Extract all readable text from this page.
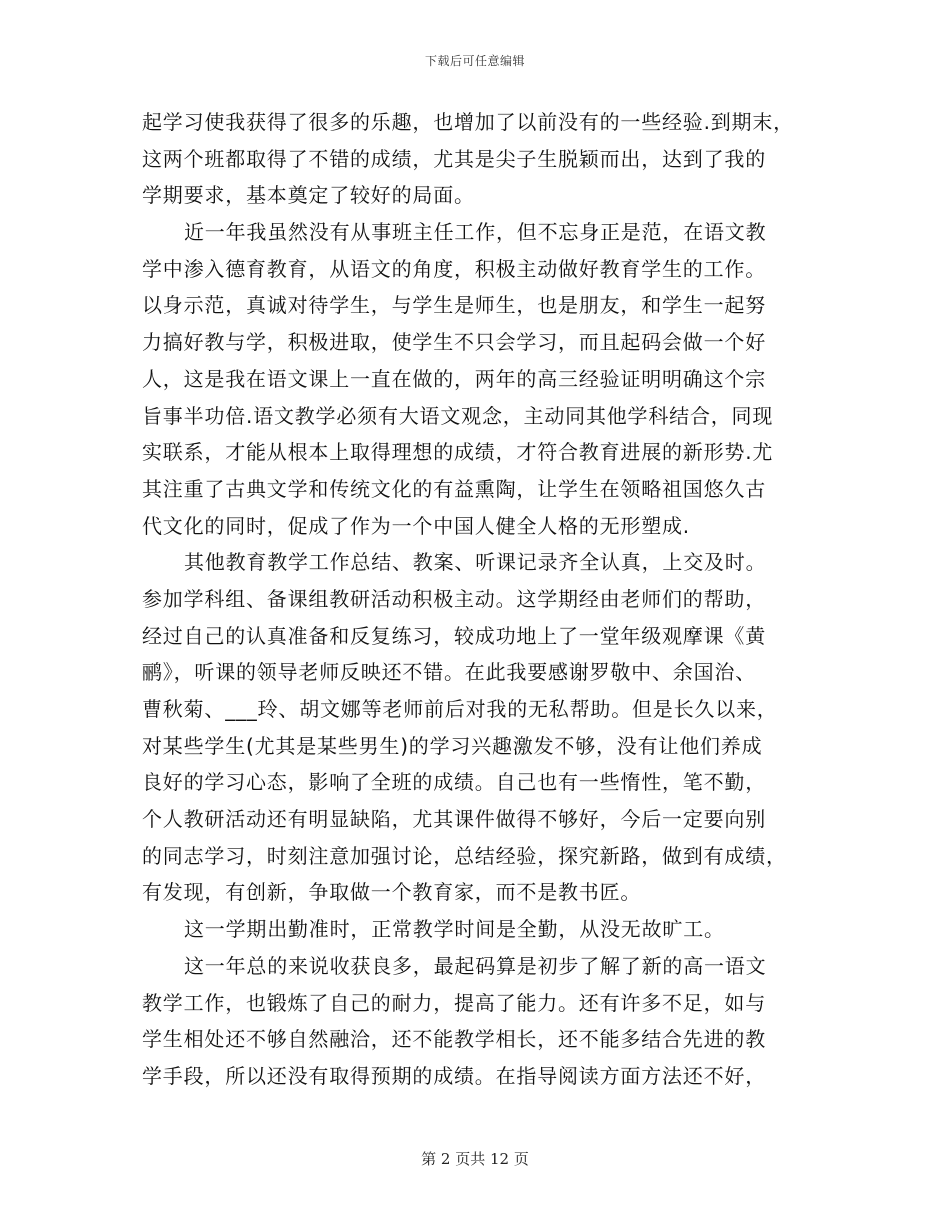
下载后可任意编辑
起学习使我获得了很多的乐趣，也增加了以前没有的一些经验.到期末，
这两个班都取得了不错的成绩，尤其是尖子生脱颖而出，达到了我的
学期要求，基本奠定了较好的局面。
近一年我虽然没有从事班主任工作，但不忘身正是范，在语文教
学中渗入德育教育，从语文的角度，积极主动做好教育学生的工作。
以身示范，真诚对待学生，与学生是师生，也是朋友，和学生一起努
力搞好教与学，积极进取，使学生不只会学习，而且起码会做一个好
人，这是我在语文课上一直在做的，两年的高三经验证明明确这个宗
旨事半功倍.语文教学必须有大语文观念，主动同其他学科结合，同现
实联系，才能从根本上取得理想的成绩，才符合教育进展的新形势.尤
其注重了古典文学和传统文化的有益熏陶，让学生在领略祖国悠久古
代文化的同时，促成了作为一个中国人健全人格的无形塑成.
其他教育教学工作总结、教案、听课记录齐全认真，上交及时。
参加学科组、备课组教研活动积极主动。这学期经由老师们的帮助，
经过自己的认真准备和反复练习，较成功地上了一堂年级观摩课《黄
鹂》，听课的领导老师反映还不错。在此我要感谢罗敬中、余国治、
曹秋菊、___玲、胡文娜等老师前后对我的无私帮助。但是长久以来，
对某些学生(尤其是某些男生)的学习兴趣激发不够，没有让他们养成
良好的学习心态，影响了全班的成绩。自己也有一些惰性，笔不勤，
个人教研活动还有明显缺陷，尤其课件做得不够好，今后一定要向别
的同志学习，时刻注意加强讨论，总结经验，探究新路，做到有成绩，
有发现，有创新，争取做一个教育家，而不是教书匠。
这一学期出勤准时，正常教学时间是全勤，从没无故旷工。
这一年总的来说收获良多，最起码算是初步了解了新的高一语文
教学工作，也锻炼了自己的耐力，提高了能力。还有许多不足，如与
学生相处还不够自然融洽，还不能教学相长，还不能多结合先进的教
学手段，所以还没有取得预期的成绩。在指导阅读方面方法还不好，
第 2 页共 12 页
